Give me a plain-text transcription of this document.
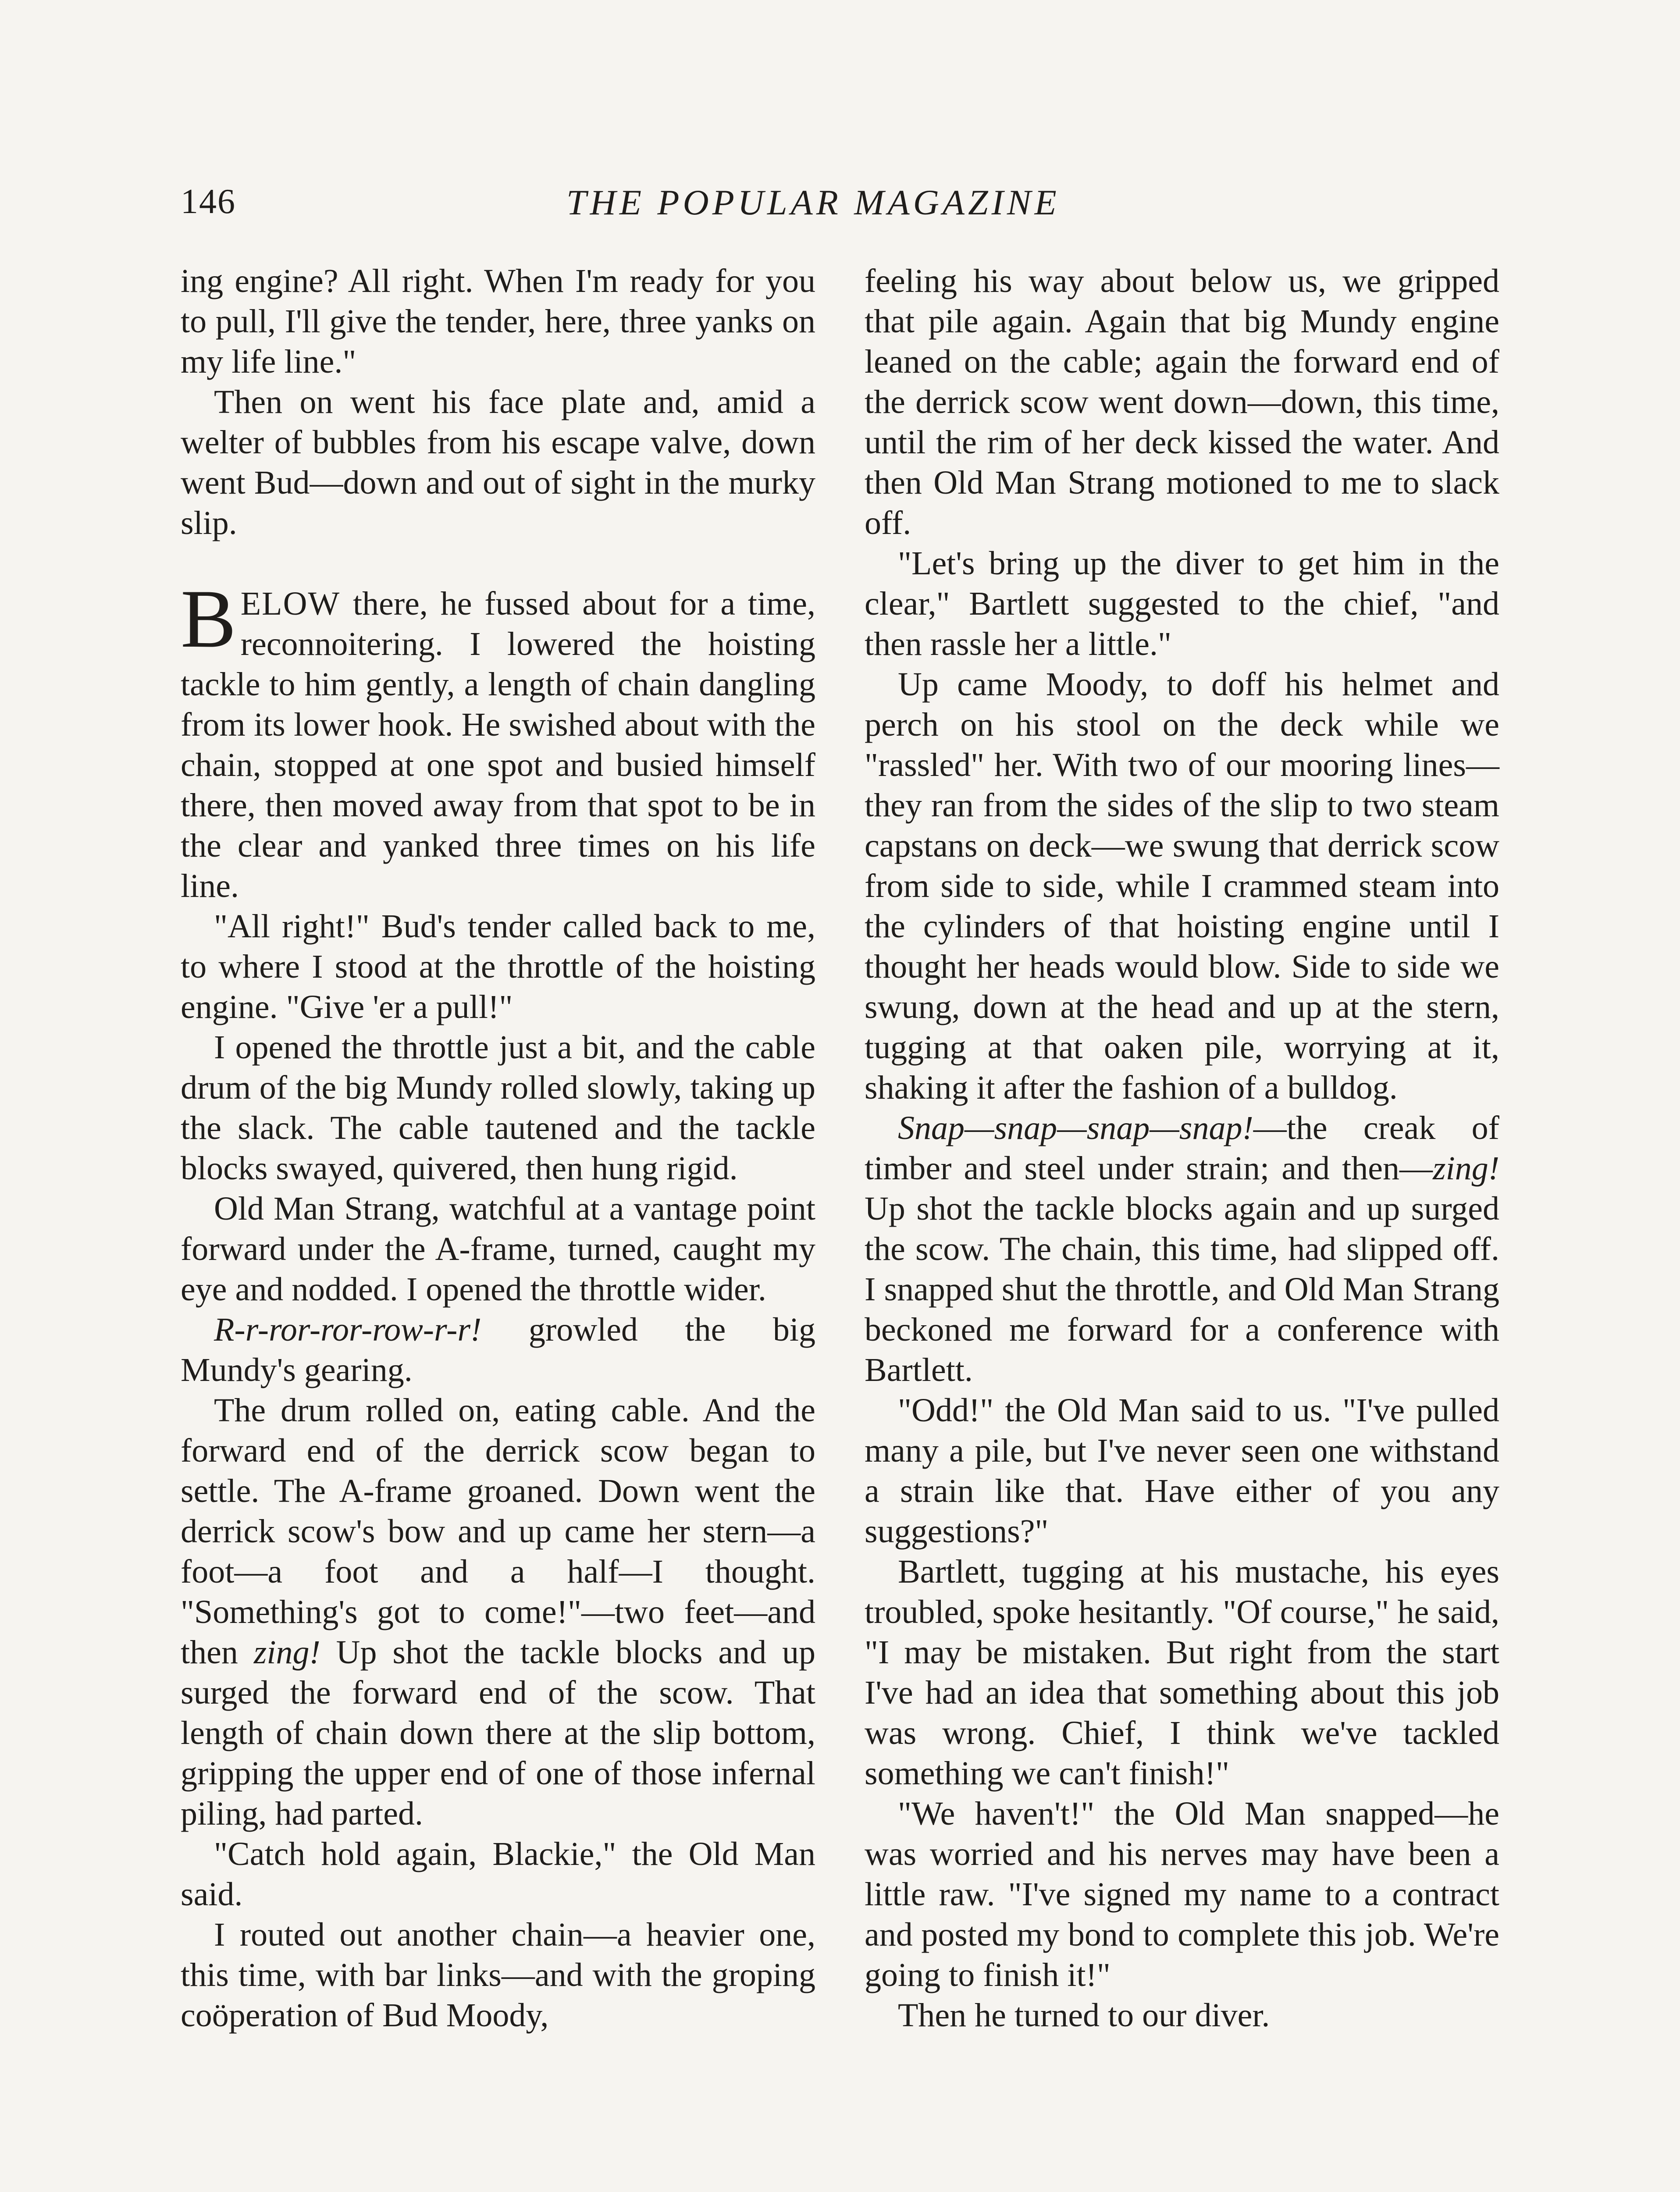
146	THE POPULAR MAGAZINE

ing engine? All right. When I'm ready for you to pull, I'll give the tender, here, three yanks on my life line."

Then on went his face plate and, amid a welter of bubbles from his escape valve, down went Bud—down and out of sight in the murky slip.

BELOW there, he fussed about for a time, reconnoitering. I lowered the hoisting tackle to him gently, a length of chain dangling from its lower hook. He swished about with the chain, stopped at one spot and busied himself there, then moved away from that spot to be in the clear and yanked three times on his life line.

"All right!" Bud's tender called back to me, to where I stood at the throttle of the hoisting engine. "Give 'er a pull!"

I opened the throttle just a bit, and the cable drum of the big Mundy rolled slowly, taking up the slack. The cable tautened and the tackle blocks swayed, quivered, then hung rigid.

Old Man Strang, watchful at a vantage point forward under the A-frame, turned, caught my eye and nodded. I opened the throttle wider.

R-r-ror-ror-row-r-r! growled the big Mundy's gearing.

The drum rolled on, eating cable. And the forward end of the derrick scow began to settle. The A-frame groaned. Down went the derrick scow's bow and up came her stern—a foot—a foot and a half—I thought. "Something's got to come!"—two feet—and then zing! Up shot the tackle blocks and up surged the forward end of the scow. That length of chain down there at the slip bottom, gripping the upper end of one of those infernal piling, had parted.

"Catch hold again, Blackie," the Old Man said.

I routed out another chain—a heavier one, this time, with bar links—and with the groping coöperation of Bud Moody,

feeling his way about below us, we gripped that pile again. Again that big Mundy engine leaned on the cable; again the forward end of the derrick scow went down—down, this time, until the rim of her deck kissed the water. And then Old Man Strang motioned to me to slack off.

"Let's bring up the diver to get him in the clear," Bartlett suggested to the chief, "and then rassle her a little."

Up came Moody, to doff his helmet and perch on his stool on the deck while we "rassled" her. With two of our mooring lines—they ran from the sides of the slip to two steam capstans on deck—we swung that derrick scow from side to side, while I crammed steam into the cylinders of that hoisting engine until I thought her heads would blow. Side to side we swung, down at the head and up at the stern, tugging at that oaken pile, worrying at it, shaking it after the fashion of a bulldog.

Snap—snap—snap—snap!—the creak of timber and steel under strain; and then—zing! Up shot the tackle blocks again and up surged the scow. The chain, this time, had slipped off. I snapped shut the throttle, and Old Man Strang beckoned me forward for a conference with Bartlett.

"Odd!" the Old Man said to us. "I've pulled many a pile, but I've never seen one withstand a strain like that. Have either of you any suggestions?"

Bartlett, tugging at his mustache, his eyes troubled, spoke hesitantly. "Of course," he said, "I may be mistaken. But right from the start I've had an idea that something about this job was wrong. Chief, I think we've tackled something we can't finish!"

"We haven't!" the Old Man snapped—he was worried and his nerves may have been a little raw. "I've signed my name to a contract and posted my bond to complete this job. We're going to finish it!"

Then he turned to our diver.
